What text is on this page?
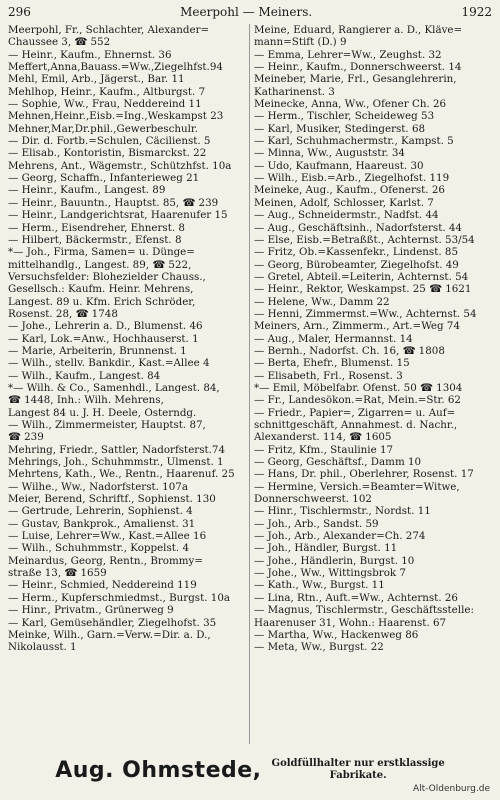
296	Meerpohl — Meiners.	1922
Meerpohl, Fr., Schlachter, Alexander=
Chaussee 3, ☎ 552
— Heinr., Kaufm., Ehnernst. 36
Meffert,Anna,Bauass.=Ww.,Ziegelhfst.94
Mehl, Emil, Arb., Jägerst., Bar. 11
Mehlhop, Heinr., Kaufm., Altburgst. 7
— Sophie, Ww., Frau, Neddereind 11
Mehnen,Heinr.,Eisb.=Ing.,Weskampst 23
Mehner,Mar,Dr.phil.,Gewerbeschulr.
— Dir. d. Fortb.=Schulen, Cäcilienst. 5
— Elisab., Kontoristin, Bismarckst. 22
Mehrens, Ant., Wägemstr., Schützhfst. 10a
— Georg, Schaffn., Infanterieweg 21
— Heinr., Kaufm., Langest. 89
— Heinr., Bauuntn., Hauptst. 85, ☎ 239
— Heinr., Landgerichtsrat, Haarenufer 15
— Herm., Eisendreher, Ehnerst. 8
— Hilbert, Bäckermstr., Efenst. 8
*— Joh., Firma, Samen= u. Dünge=
mittelhandlg., Langest. 89, ☎ 522,
Versuchsfelder: Blohezielder Chauss.,
Gesellsch.: Kaufm. Heinr. Mehrens,
Langest. 89 u. Kfm. Erich Schröder,
Rosenst. 28, ☎ 1748
— Johe., Lehrerin a. D., Blumenst. 46
— Karl, Lok.=Anw., Hochhauserst. 1
— Marie, Arbeiterin, Brunnenst. 1
— Wilh., stellv. Bankdir., Kast.=Allee 4
— Wilh., Kaufm., Langest. 84
*— Wilh. & Co., Samenhdl., Langest. 84,
☎ 1448, Inh.: Wilh. Mehrens,
Langest 84 u. J. H. Deele, Osterndg.
— Wilh., Zimmermeister, Hauptst. 87,
☎ 239
Mehring, Friedr., Sattler, Nadorfsterst.74
Mehrings, Joh., Schuhmmstr., Ulmenst. 1
Mehrtens, Kath., We., Rentn., Haarenuf. 25
— Wilhe., Ww., Nadorfsterst. 107a
Meier, Berend, Schriftf., Sophienst. 130
— Gertrude, Lehrerin, Sophienst. 4
— Gustav, Bankprok., Amalienst. 31
— Luise, Lehrer=Ww., Kast.=Allee 16
— Wilh., Schuhmmstr., Koppelst. 4
Meinardus, Georg, Rentn., Brommy=
straße 13, ☎ 1659
— Heinr., Schmied, Neddereind 119
— Herm., Kupferschmiedmst., Burgst. 10a
— Hinr., Privatm., Grünerweg 9
— Karl, Gemüsehändler, Ziegelhofst. 35
Meinke, Wilh., Garn.=Verw.=Dir. a. D.,
Nikolausst. 1
Meine, Eduard, Rangierer a. D., Kläve=
mann=Stift (D.) 9
— Emma, Lehrer=Ww., Zeughst. 32
— Heinr., Kaufm., Donnerschweerst. 14
Meineber, Marie, Frl., Gesanglehrerin,
Katharinenst. 3
Meinecke, Anna, Ww., Ofener Ch. 26
— Herm., Tischler, Scheideweg 53
— Karl, Musiker, Stedingerst. 68
— Karl, Schuhmachermstr., Kampst. 5
— Minna, Ww., Auguststr. 34
— Udo, Kaufmann, Haareust. 30
— Wilh., Eisb.=Arb., Ziegelhofst. 119
Meineke, Aug., Kaufm., Ofenerst. 26
Meinen, Adolf, Schlosser, Karlst. 7
— Aug., Schneidermstr., Nadfst. 44
— Aug., Geschäftsinh., Nadorfsterst. 44
— Else, Eisb.=Betraßßt., Achternst. 53/54
— Fritz, Ob.=Kassenfekr., Lindenst. 85
— Georg, Bürobeamter, Ziegelhofst. 49
— Gretel, Abteil.=Leiterin, Achternst. 54
— Heinr., Rektor, Weskampst. 25 ☎ 1621
— Helene, Ww., Damm 22
— Henni, Zimmermst.=Ww., Achternst. 54
Meiners, Arn., Zimmerm., Art.=Weg 74
— Aug., Maler, Hermannst. 14
— Bernh., Nadorfst. Ch. 16, ☎ 1808
— Berta, Ehefr., Blumenst. 15
— Elisabeth, Frl., Rosenst. 3
*— Emil, Möbelfabr. Ofenst. 50 ☎ 1304
— Fr., Landesökon.=Rat, Mein.=Str. 62
— Friedr., Papier=, Zigarren= u. Auf=
schnittgeschäft, Annahmest. d. Nachr.,
Alexanderst. 114, ☎ 1605
— Fritz, Kfm., Staulinie 17
— Georg, Geschäftsf., Damm 10
— Hans, Dr. phil., Oberlehrer, Rosenst. 17
— Hermine, Versich.=Beamter=Witwe,
Donnerschweerst. 102
— Hinr., Tischlermstr., Nordst. 11
— Joh., Arb., Sandst. 59
— Joh., Arb., Alexander=Ch. 274
— Joh., Händler, Burgst. 11
— Johe., Händlerin, Burgst. 10
— Johe., Ww., Wittingsbrok 7
— Kath., Ww., Burgst. 11
— Lina, Rtn., Auft.=Ww., Achternst. 26
— Magnus, Tischlermstr., Geschäftsstelle:
Haarenuser 31, Wohn.: Haarenst. 67
— Martha, Ww., Hackenweg 86
— Meta, Ww., Burgst. 22
Aug. Ohmstede, Goldfüllhalter nur erstklassige
Fabrikate.
Alt-Oldenburg.de
